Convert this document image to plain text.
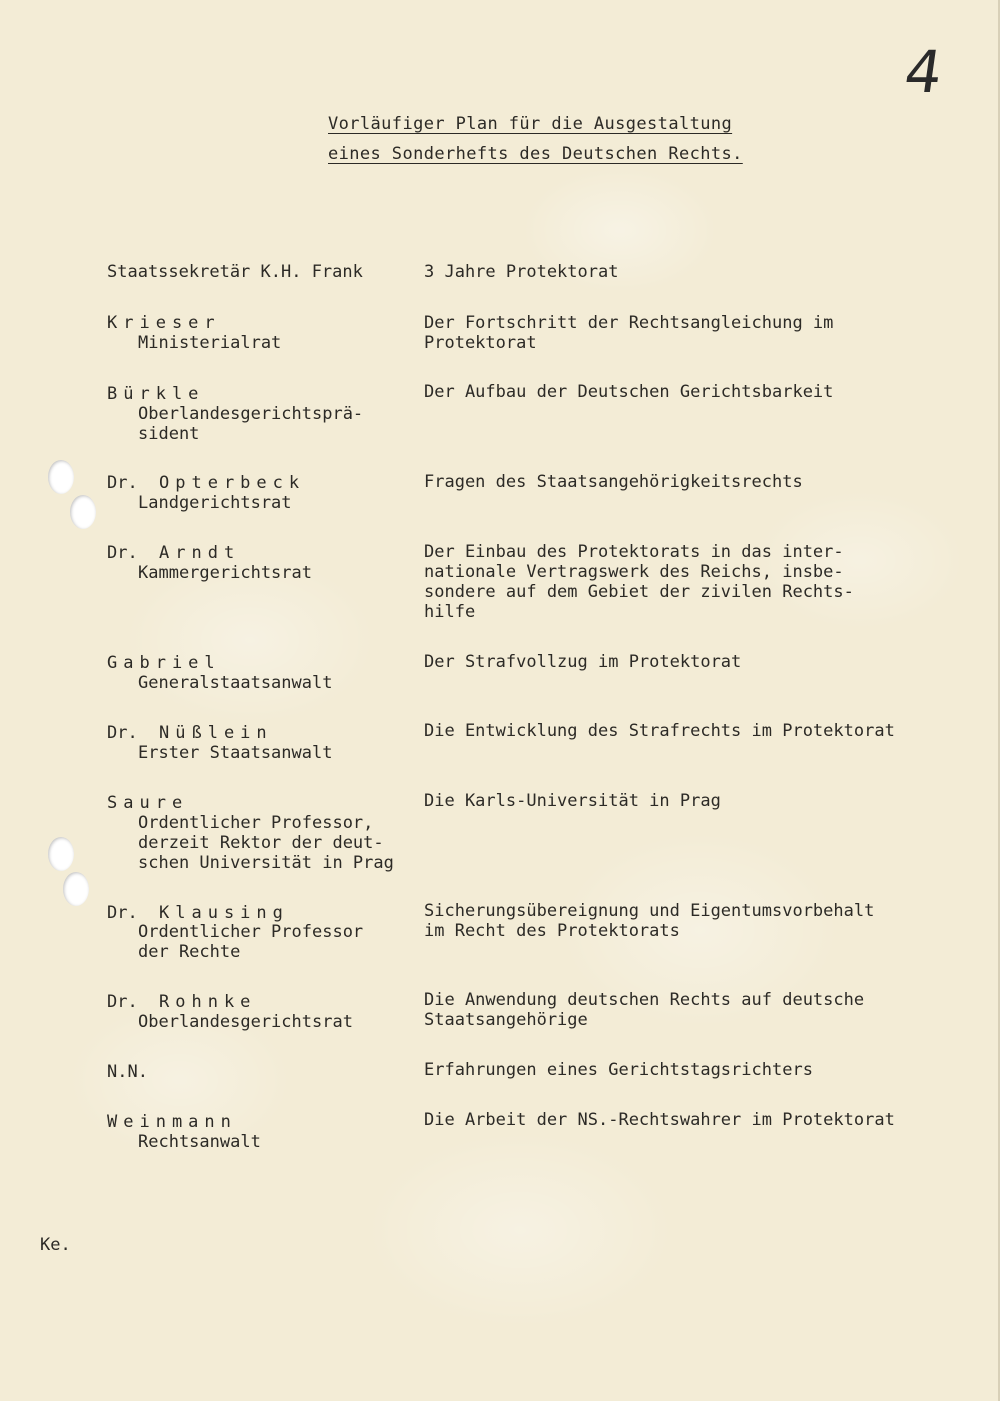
4
Vorläufiger Plan für die Ausgestaltung
eines Sonderhefts des Deutschen Rechts.
Staatssekretär K.H. Frank	3 Jahre Protektorat
Krieser
Ministerialrat
Der Fortschritt der Rechtsangleichung im
Protektorat
Bürkle
Oberlandesgerichtsprä-
sident
Der Aufbau der Deutschen Gerichtsbarkeit
Dr. Opterbeck
Landgerichtsrat
Fragen des Staatsangehörigkeitsrechts
Dr. Arndt
Kammergerichtsrat
Der Einbau des Protektorats in das inter-
nationale Vertragswerk des Reichs, insbe-
sondere auf dem Gebiet der zivilen Rechts-
hilfe
Gabriel
Generalstaatsanwalt
Der Strafvollzug im Protektorat
Dr. Nüßlein
Erster Staatsanwalt
Die Entwicklung des Strafrechts im Protektorat
Saure
Ordentlicher Professor,
derzeit Rektor der deut-
schen Universität in Prag
Die Karls-Universität in Prag
Dr. Klausing
Ordentlicher Professor
der Rechte
Sicherungsübereignung und Eigentumsvorbehalt
im Recht des Protektorats
Dr. Rohnke
Oberlandesgerichtsrat
Die Anwendung deutschen Rechts auf deutsche
Staatsangehörige
N.N.	Erfahrungen eines Gerichtstagsrichters
Weinmann
Rechtsanwalt
Die Arbeit der NS.-Rechtswahrer im Protektorat
Ke.
